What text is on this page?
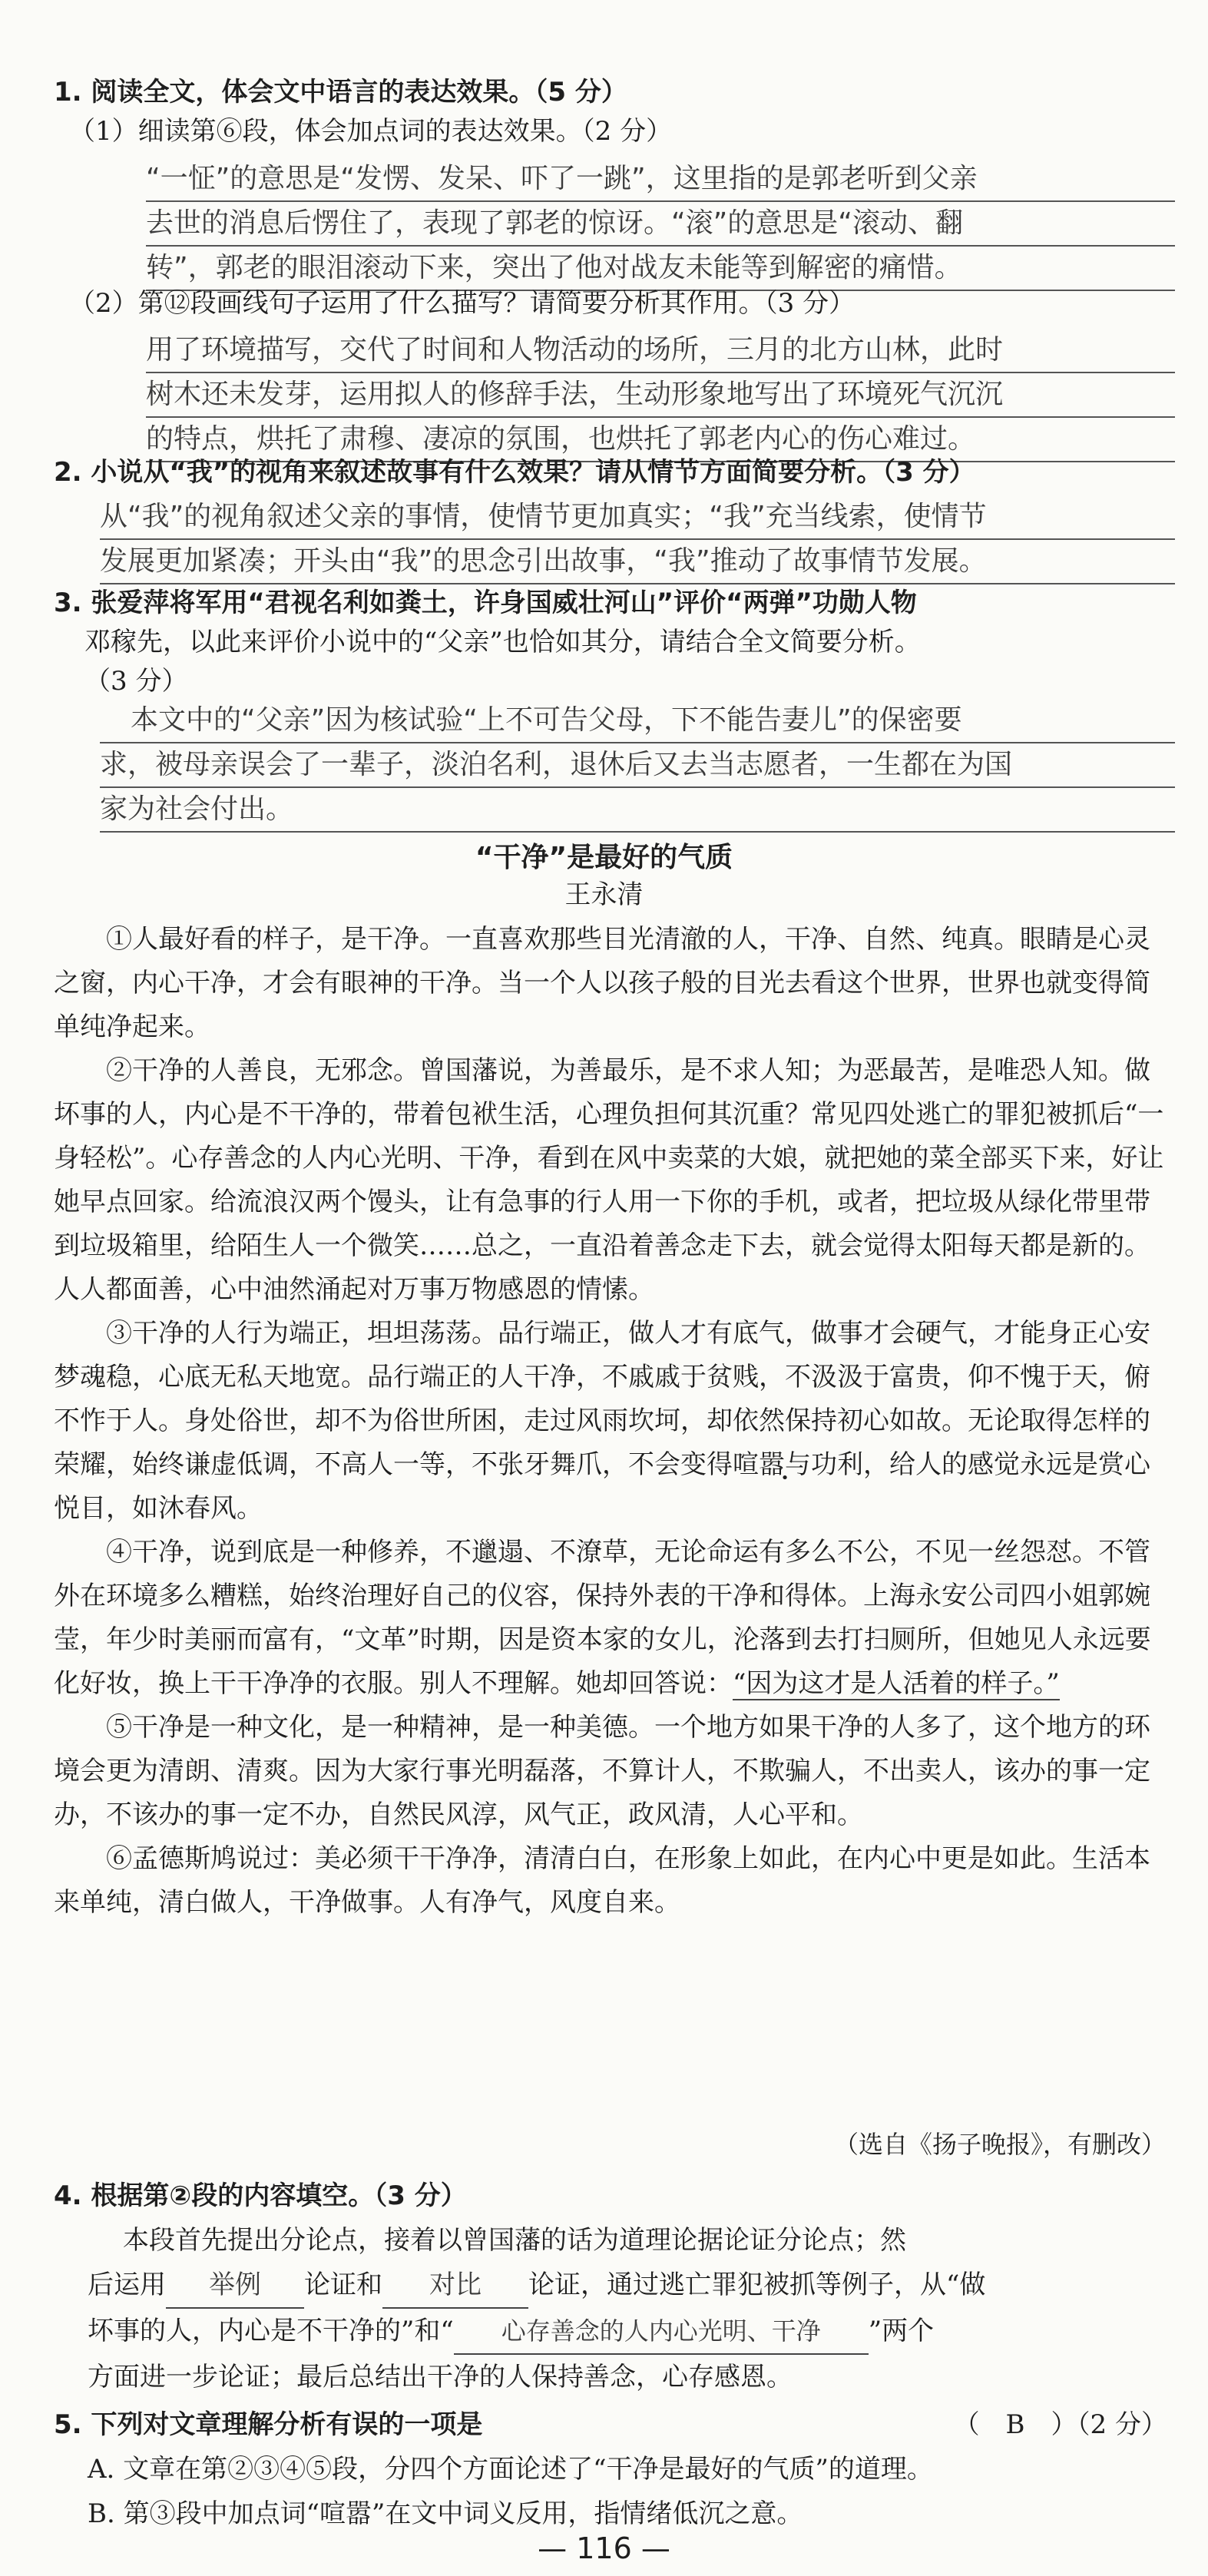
1. 阅读全文，体会文中语言的表达效果。（5 分）

（1）细读第⑥段，体会加点词的表达效果。（2 分）

“一怔”的意思是“发愣、发呆、吓了一跳”，这里指的是郭老听到父亲
去世的消息后愣住了，表现了郭老的惊讶。“滚”的意思是“滚动、翻
转”，郭老的眼泪滚动下来，突出了他对战友未能等到解密的痛惜。

（2）第⑫段画线句子运用了什么描写？请简要分析其作用。（3 分）

用了环境描写，交代了时间和人物活动的场所，三月的北方山林，此时
树木还未发芽，运用拟人的修辞手法，生动形象地写出了环境死气沉沉
的特点，烘托了肃穆、凄凉的氛围，也烘托了郭老内心的伤心难过。

2. 小说从“我”的视角来叙述故事有什么效果？请从情节方面简要分析。（3 分）

从“我”的视角叙述父亲的事情，使情节更加真实；“我”充当线索，使情节
发展更加紧凑；开头由“我”的思念引出故事，“我”推动了故事情节发展。

3. 张爱萍将军用“君视名利如粪土，许身国威壮河山”评价“两弹”功勋人物

邓稼先，以此来评价小说中的“父亲”也恰如其分，请结合全文简要分析。

（3 分）

本文中的“父亲”因为核试验“上不可告父母，下不能告妻儿”的保密要
求，被母亲误会了一辈子，淡泊名利，退休后又去当志愿者，一生都在为国
家为社会付出。
“干净”是最好的气质
王永清

①人最好看的样子，是干净。一直喜欢那些目光清澈的人，干净、自然、纯真。眼睛是心灵之窗，内心干净，才会有眼神的干净。当一个人以孩子般的目光去看这个世界，世界也就变得简单纯净起来。

②干净的人善良，无邪念。曾国藩说，为善最乐，是不求人知；为恶最苦，是唯恐人知。做坏事的人，内心是不干净的，带着包袱生活，心理负担何其沉重？常见四处逃亡的罪犯被抓后“一身轻松”。心存善念的人内心光明、干净，看到在风中卖菜的大娘，就把她的菜全部买下来，好让她早点回家。给流浪汉两个馒头，让有急事的行人用一下你的手机，或者，把垃圾从绿化带里带到垃圾箱里，给陌生人一个微笑……总之，一直沿着善念走下去，就会觉得太阳每天都是新的。人人都面善，心中油然涌起对万事万物感恩的情愫。

③干净的人行为端正，坦坦荡荡。品行端正，做人才有底气，做事才会硬气，才能身正心安梦魂稳，心底无私天地宽。品行端正的人干净，不戚戚于贫贱，不汲汲于富贵，仰不愧于天，俯不怍于人。身处俗世，却不为俗世所困，走过风雨坎坷，却依然保持初心如故。无论取得怎样的荣耀，始终谦虚低调，不高人一等，不张牙舞爪，不会变得喧嚣与功利，给人的感觉永远是赏心悦目，如沐春风。

④干净，说到底是一种修养，不邋遢、不潦草，无论命运有多么不公，不见一丝怨怼。不管外在环境多么糟糕，始终治理好自己的仪容，保持外表的干净和得体。上海永安公司四小姐郭婉莹，年少时美丽而富有，“文革”时期，因是资本家的女儿，沦落到去打扫厕所，但她见人永远要化好妆，换上干干净净的衣服。别人不理解。她却回答说：“因为这才是人活着的样子。”

⑤干净是一种文化，是一种精神，是一种美德。一个地方如果干净的人多了，这个地方的环境会更为清朗、清爽。因为大家行事光明磊落，不算计人，不欺骗人，不出卖人，该办的事一定办，不该办的事一定不办，自然民风淳，风气正，政风清，人心平和。

⑥孟德斯鸠说过：美必须干干净净，清清白白，在形象上如此，在内心中更是如此。生活本来单纯，清白做人，干净做事。人有净气，风度自来。

（选自《扬子晚报》，有删改）

4. 根据第②段的内容填空。（3 分）

本段首先提出分论点，接着以曾国藩的话为道理论据论证分论点；然

后运用 举例 论证和 对比 论证，通过逃亡罪犯被抓等例子，从“做

坏事的人，内心是不干净的”和“ 心存善念的人内心光明、干净 ”两个

方面进一步论证；最后总结出干净的人保持善念，心存感恩。

5. 下列对文章理解分析有误的一项是	（　B　）（2 分）

A. 文章在第②③④⑤段，分四个方面论述了“干净是最好的气质”的道理。

B. 第③段中加点词“喧嚣”在文中词义反用，指情绪低沉之意。

— 116 —
